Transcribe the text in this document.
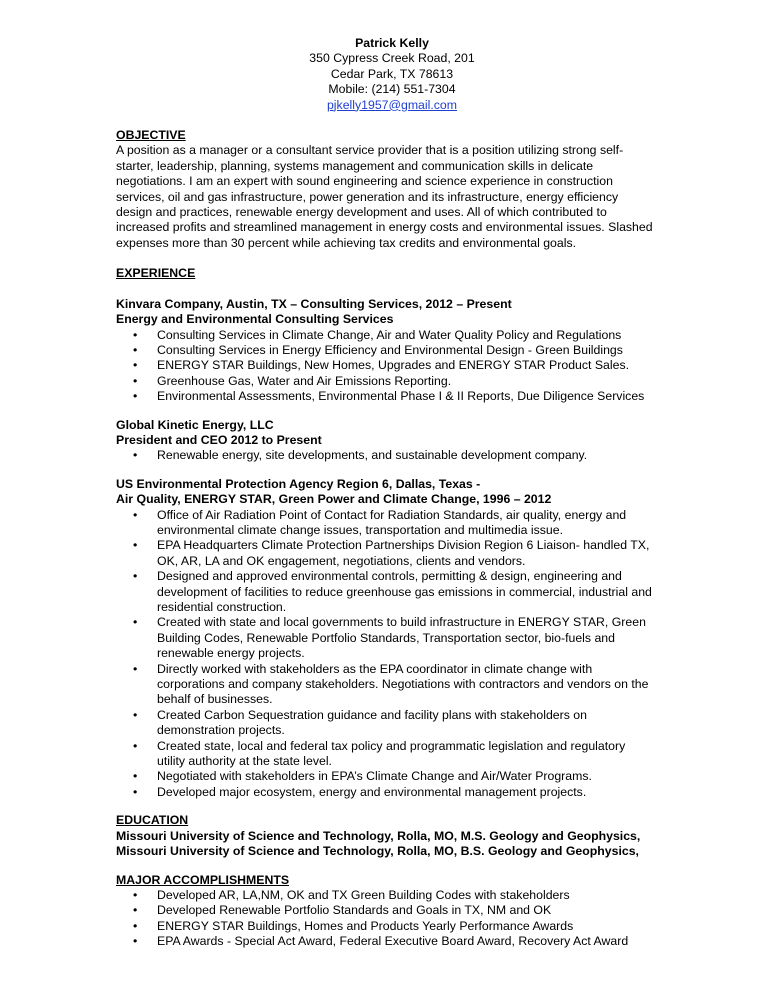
Patrick Kelly
350 Cypress Creek Road, 201
Cedar Park, TX 78613
Mobile: (214) 551-7304
pjkelly1957@gmail.com
OBJECTIVE

A position as a manager or a consultant service provider that is a position utilizing strong self-starter, leadership, planning, systems management and communication skills in delicate negotiations. I am an expert with sound engineering and science experience in construction services, oil and gas infrastructure, power generation and its infrastructure, energy efficiency design and practices, renewable energy development and uses. All of which contributed to increased profits and streamlined management in energy costs and environmental issues. Slashed expenses more than 30 percent while achieving tax credits and environmental goals.

EXPERIENCE
Kinvara Company, Austin, TX – Consulting Services, 2012 – Present
Energy and Environmental Consulting Services
• Consulting Services in Climate Change, Air and Water Quality Policy and Regulations
• Consulting Services in Energy Efficiency and Environmental Design - Green Buildings
• ENERGY STAR Buildings, New Homes, Upgrades and ENERGY STAR Product Sales.
• Greenhouse Gas, Water and Air Emissions Reporting.
• Environmental Assessments, Environmental Phase I & II Reports, Due Diligence Services
Global Kinetic Energy, LLC
President and CEO 2012 to Present
• Renewable energy, site developments, and sustainable development company.
US Environmental Protection Agency Region 6, Dallas, Texas -
Air Quality, ENERGY STAR, Green Power and Climate Change, 1996 – 2012
• Office of Air Radiation Point of Contact for Radiation Standards, air quality, energy and environmental climate change issues, transportation and multimedia issue.
• EPA Headquarters Climate Protection Partnerships Division Region 6 Liaison- handled TX, OK, AR, LA and OK engagement, negotiations, clients and vendors.
• Designed and approved environmental controls, permitting & design, engineering and development of facilities to reduce greenhouse gas emissions in commercial, industrial and residential construction.
• Created with state and local governments to build infrastructure in ENERGY STAR, Green Building Codes, Renewable Portfolio Standards, Transportation sector, bio-fuels and renewable energy projects.
• Directly worked with stakeholders as the EPA coordinator in climate change with corporations and company stakeholders. Negotiations with contractors and vendors on the behalf of businesses.
• Created Carbon Sequestration guidance and facility plans with stakeholders on demonstration projects.
• Created state, local and federal tax policy and programmatic legislation and regulatory utility authority at the state level.
• Negotiated with stakeholders in EPA’s Climate Change and Air/Water Programs.
• Developed major ecosystem, energy and environmental management projects.
EDUCATION
Missouri University of Science and Technology, Rolla, MO, M.S. Geology and Geophysics,
Missouri University of Science and Technology, Rolla, MO, B.S. Geology and Geophysics,
MAJOR ACCOMPLISHMENTS
• Developed AR, LA,NM, OK and TX Green Building Codes with stakeholders
• Developed Renewable Portfolio Standards and Goals in TX, NM and OK
• ENERGY STAR Buildings, Homes and Products Yearly Performance Awards
• EPA Awards - Special Act Award, Federal Executive Board Award, Recovery Act Award
